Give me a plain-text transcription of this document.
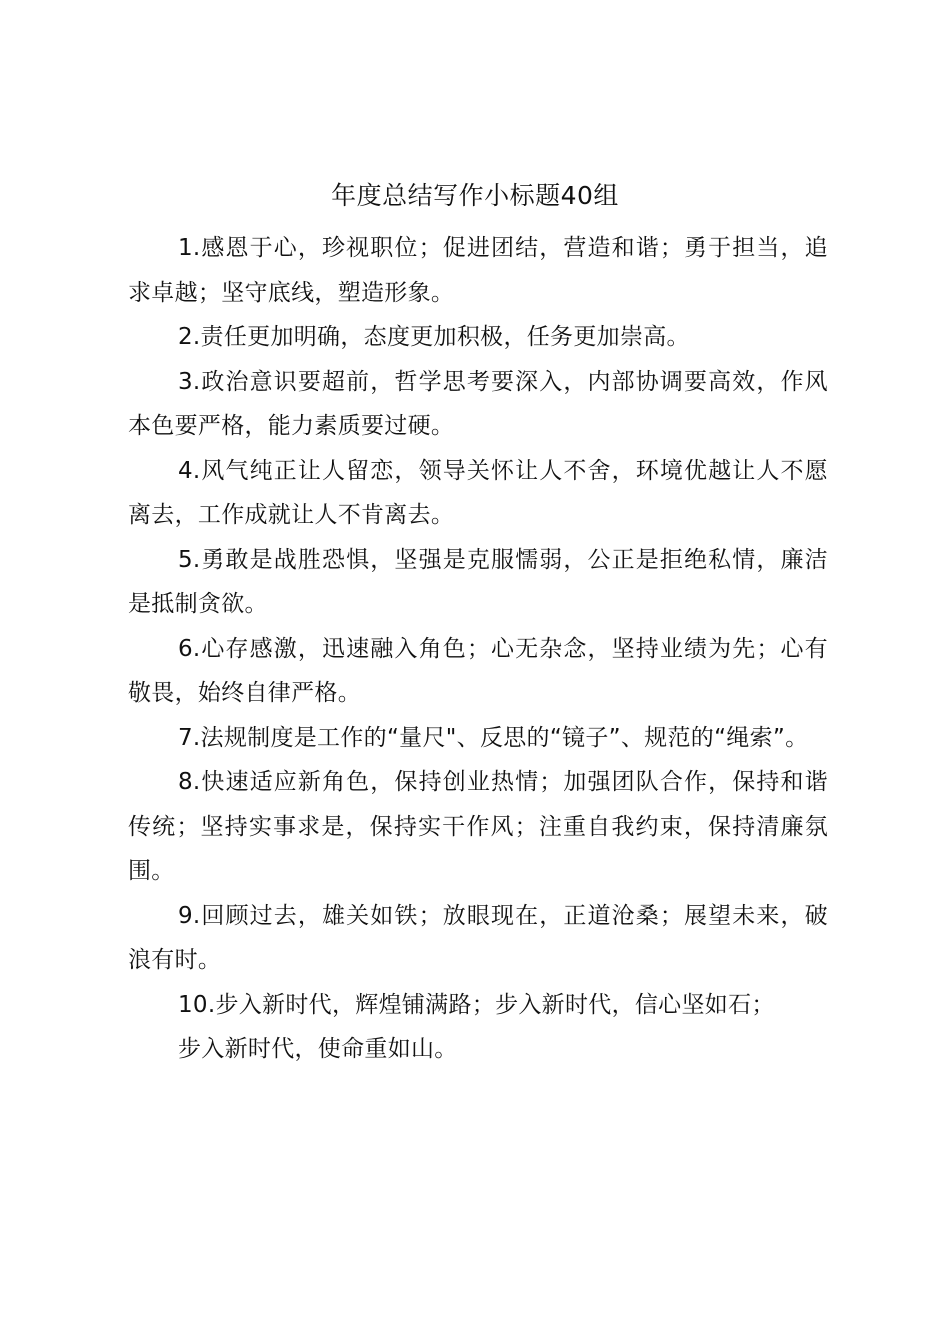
年度总结写作小标题40组

1.感恩于心，珍视职位；促进团结，营造和谐；勇于担当，追求卓越；坚守底线，塑造形象。

2.责任更加明确，态度更加积极，任务更加崇高。

3.政治意识要超前，哲学思考要深入，内部协调要高效，作风本色要严格，能力素质要过硬。

4.风气纯正让人留恋，领导关怀让人不舍，环境优越让人不愿离去，工作成就让人不肯离去。

5.勇敢是战胜恐惧，坚强是克服懦弱，公正是拒绝私情，廉洁是抵制贪欲。

6.心存感激，迅速融入角色；心无杂念，坚持业绩为先；心有敬畏，始终自律严格。

7.法规制度是工作的“量尺"、反思的“镜子”、规范的“绳索”。

8.快速适应新角色，保持创业热情；加强团队合作，保持和谐传统；坚持实事求是，保持实干作风；注重自我约束，保持清廉氛围。

9.回顾过去，雄关如铁；放眼现在，正道沧桑；展望未来，破浪有时。

10.步入新时代，辉煌铺满路；步入新时代，信心坚如石；

步入新时代，使命重如山。
